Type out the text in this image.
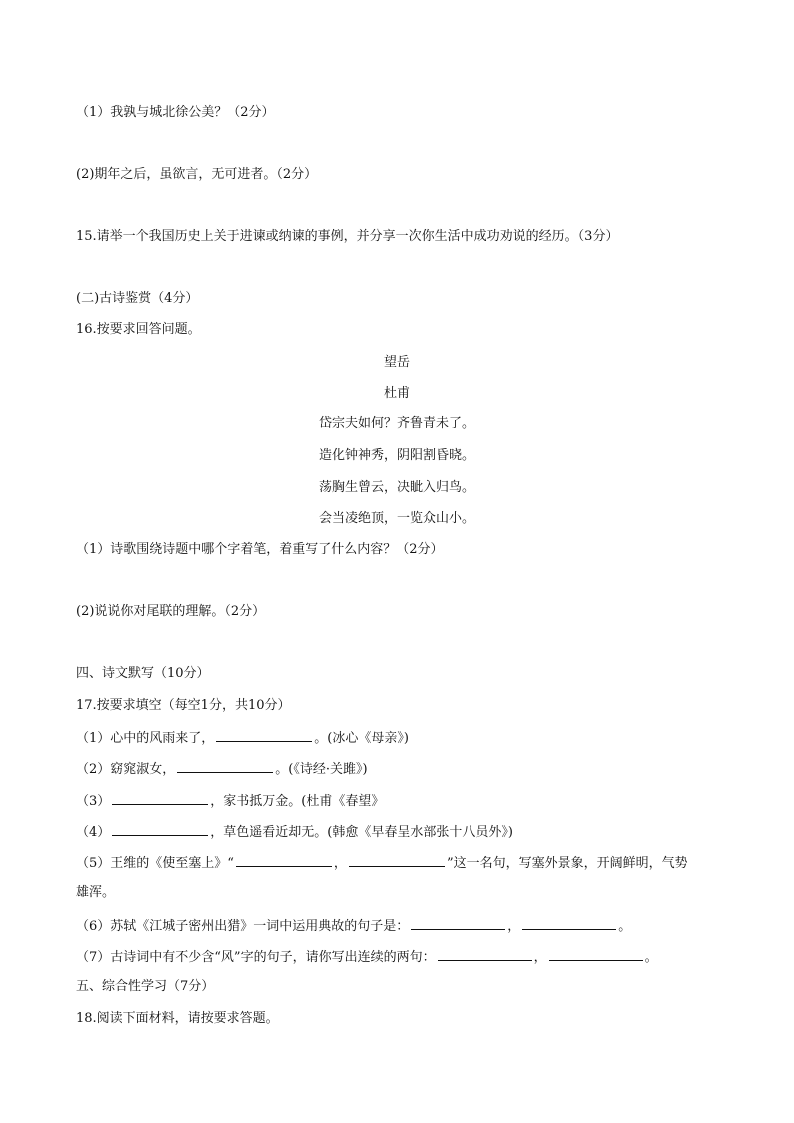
（1）我孰与城北徐公美？（2分）
(2)期年之后，虽欲言，无可进者。（2分）
15.请举一个我国历史上关于进谏或纳谏的事例，并分享一次你生活中成功劝说的经历。（3分）
(二)古诗鉴赏（4分）
16.按要求回答问题。
望岳
杜甫
岱宗夫如何？齐鲁青未了。
造化钟神秀，阴阳割昏晓。
荡胸生曾云，决眦入归鸟。
会当凌绝顶，一览众山小。
（1）诗歌围绕诗题中哪个字着笔，着重写了什么内容？（2分）
(2)说说你对尾联的理解。（2分）
四、诗文默写（10分）
17.按要求填空（每空1分，共10分）
（1）心中的风雨来了，	。(冰心《母亲》)
（2）窈窕淑女，	。(《诗经·关雎》)
（3）	，家书抵万金。(杜甫《春望》
（4）	，草色遥看近却无。(韩愈《早春呈水部张十八员外》)
（5）王维的《使至塞上》“	，	”这一名句，写塞外景象，开阔鲜明，气势
雄浑。
（6）苏轼《江城子密州出猎》一词中运用典故的句子是：	，	。
（7）古诗词中有不少含“风”字的句子，请你写出连续的两句：	，	。
五、综合性学习（7分）
18.阅读下面材料，请按要求答题。
